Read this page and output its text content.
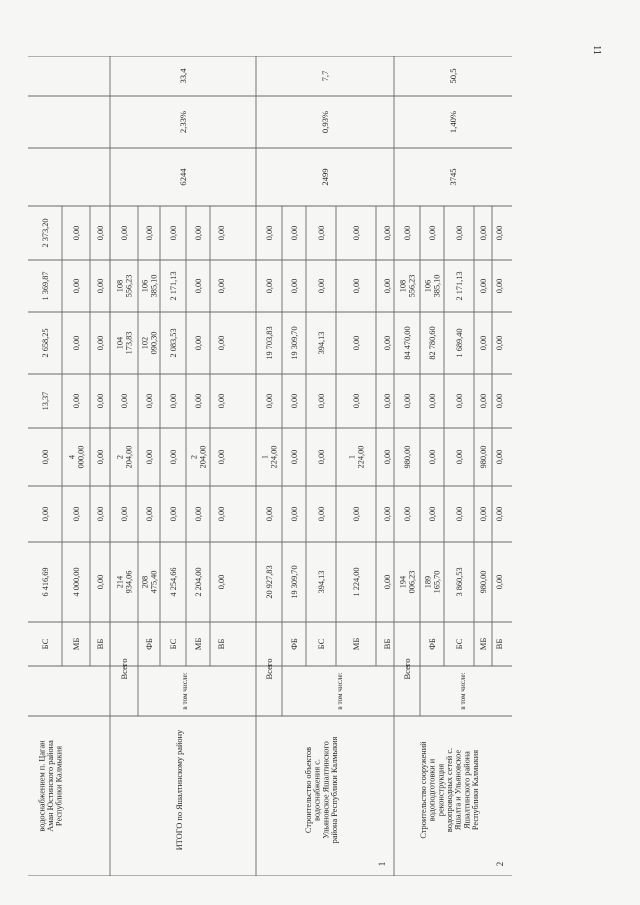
11
водоснабжением п. ЦаганАман Юстинского районаРеспублики Калмыкия
БС
6 416,69
0,00
0,00
13,37
2 658,25
1 369,87
2 373,20
МБ
4 000,00
0,00
4000,00
0,00
0,00
0,00
0,00
ВБ
0,00
0,00
0,00
0,00
0,00
0,00
0,00
ИТОГО по Яшалтинскому району
Всего
214934,06
0,00
2204,00
0,00
104173,83
108556,23
0,00
ФБ
208475,40
0,00
0,00
0,00
102090,30
106385,10
0,00
БС
4 254,66
0,00
0,00
0,00
2 083,53
2 171,13
0,00
МБ
2 204,00
0,00
2204,00
0,00
0,00
0,00
0,00
ВБ
0,00
0,00
0,00
0,00
0,00
0,00
0,00
в том числе:
6244
2,33%
33,4
1
Строительство объектовводоснабжения с.Ульяновское Яшалтинскогорайона Республики Калмыкия
Всего
20 927,83
0,00
1224,00
0,00
19 703,83
0,00
0,00
ФБ
19 309,70
0,00
0,00
0,00
19 309,70
0,00
0,00
БС
394,13
0,00
0,00
0,00
394,13
0,00
0,00
МБ
1 224,00
0,00
1224,00
0,00
0,00
0,00
0,00
ВБ
0,00
0,00
0,00
0,00
0,00
0,00
0,00
в том числе:
2499
0,93%
7,7
2
Строительство сооруженийводоподготовки иреконструкцияводопроводных сетей с.Яшалта и УльяновскоеЯшалтинского районаРеспублики Калмыкия
Всего
194006,23
0,00
980,00
0,00
84 470,00
108556,23
0,00
ФБ
189165,70
0,00
0,00
0,00
82 780,60
106385,10
0,00
БС
3 860,53
0,00
0,00
0,00
1 689,40
2 171,13
0,00
МБ
980,00
0,00
980,00
0,00
0,00
0,00
0,00
ВБ
0,00
0,00
0,00
0,00
0,00
0,00
0,00
в том числе:
3745
1,40%
50,5
